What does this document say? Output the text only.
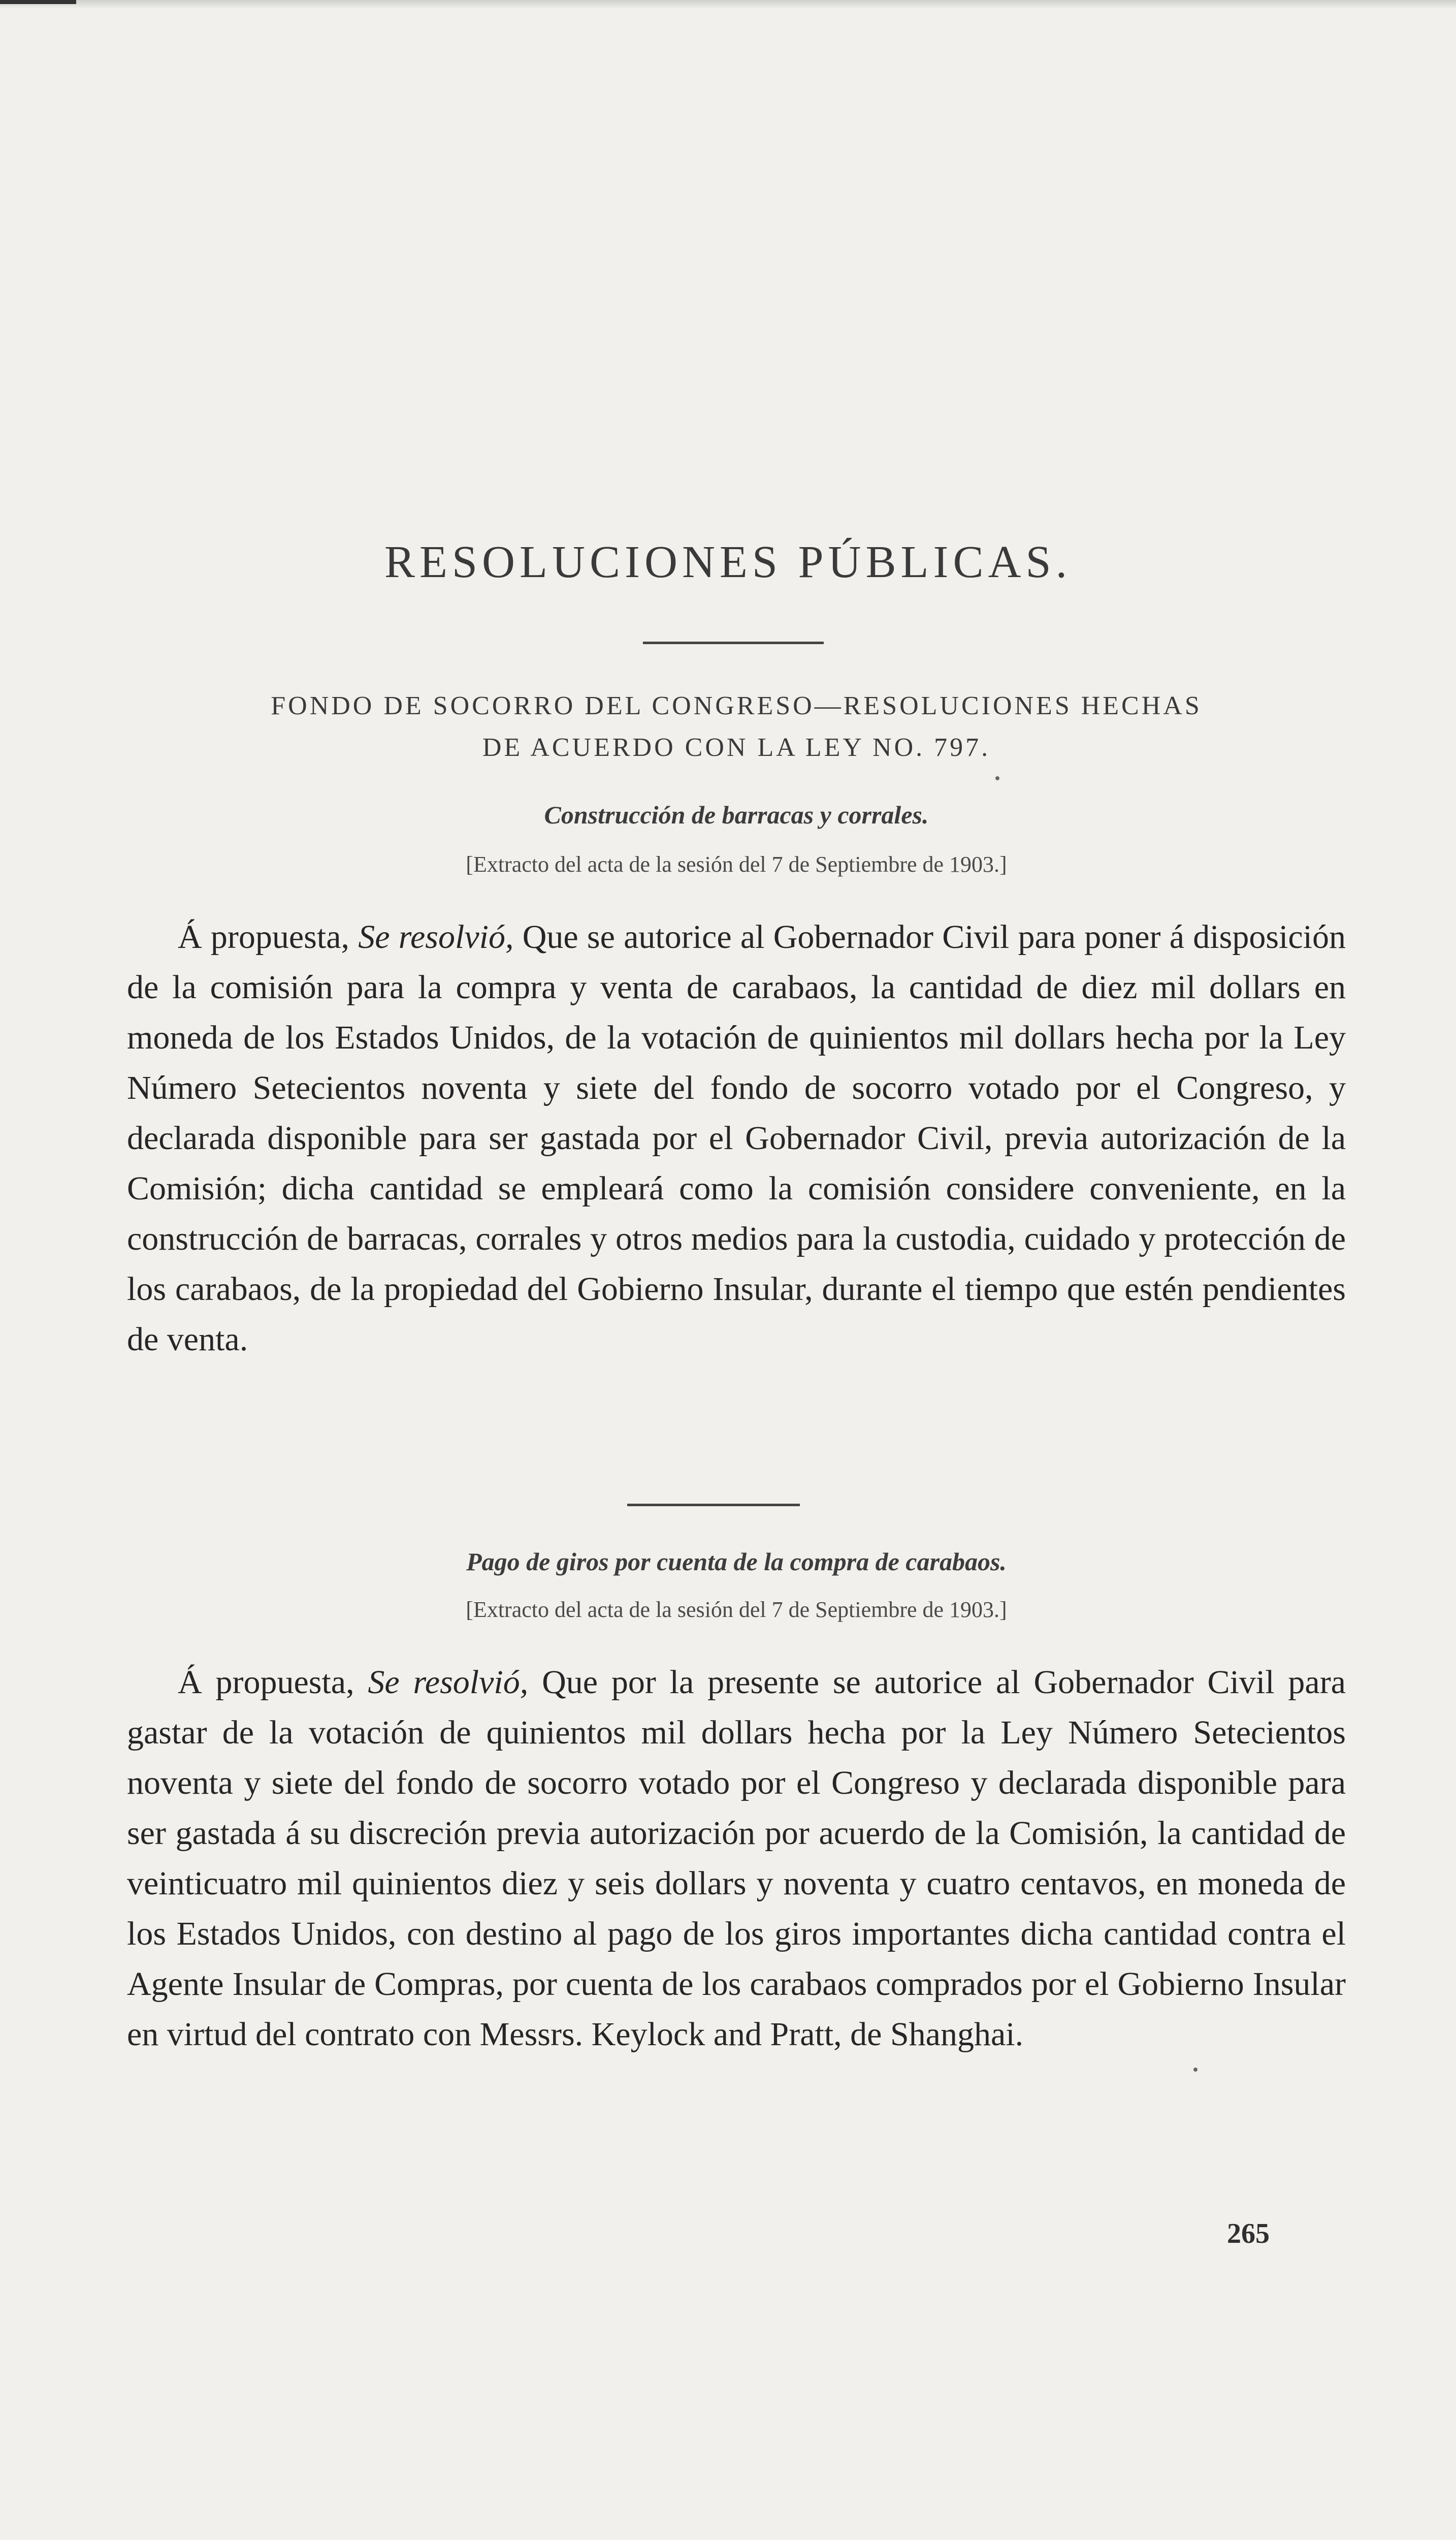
RESOLUCIONES PÚBLICAS.
FONDO DE SOCORRO DEL CONGRESO—RESOLUCIONES HECHAS
DE ACUERDO CON LA LEY NO. 797.

Construcción de barracas y corrales.

[Extracto del acta de la sesión del 7 de Septiembre de 1903.]

Á propuesta, Se resolvió, Que se autorice al Gobernador Civil para poner á disposición de la comisión para la compra y venta de carabaos, la cantidad de diez mil dollars en moneda de los Estados Unidos, de la votación de quinientos mil dollars hecha por la Ley Número Setecientos noventa y siete del fondo de socorro votado por el Congreso, y declarada disponible para ser gastada por el Gobernador Civil, previa autorización de la Comisión; dicha cantidad se empleará como la comisión considere conveniente, en la construcción de barracas, corrales y otros medios para la custodia, cuidado y protección de los carabaos, de la propiedad del Gobierno Insular, durante el tiempo que estén pendientes de venta.

Pago de giros por cuenta de la compra de carabaos.

[Extracto del acta de la sesión del 7 de Septiembre de 1903.]

Á propuesta, Se resolvió, Que por la presente se autorice al Gobernador Civil para gastar de la votación de quinientos mil dollars hecha por la Ley Número Setecientos noventa y siete del fondo de socorro votado por el Congreso y declarada disponible para ser gastada á su discreción previa autorización por acuerdo de la Comisión, la cantidad de veinticuatro mil quinientos diez y seis dollars y noventa y cuatro centavos, en moneda de los Estados Unidos, con destino al pago de los giros importantes dicha cantidad contra el Agente Insular de Compras, por cuenta de los carabaos comprados por el Gobierno Insular en virtud del contrato con Messrs. Keylock and Pratt, de Shanghai.

265
